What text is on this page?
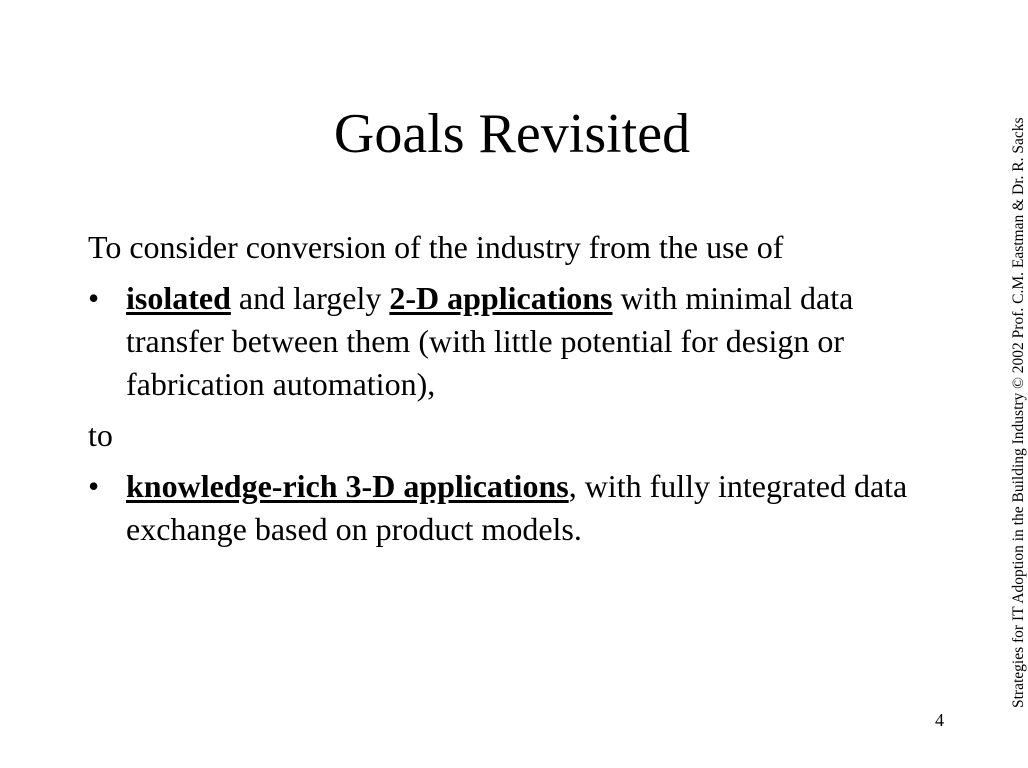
Goals Revisited
To consider conversion of the industry from the use of
• isolated and largely 2-D applications with minimal data transfer between them (with little potential for design or fabrication automation),
to
• knowledge-rich 3-D applications, with fully integrated data exchange based on product models.	Strategies for IT Adoption in the Building Industry © 2002 Prof. C.M. Eastman & Dr. R. Sacks
4
